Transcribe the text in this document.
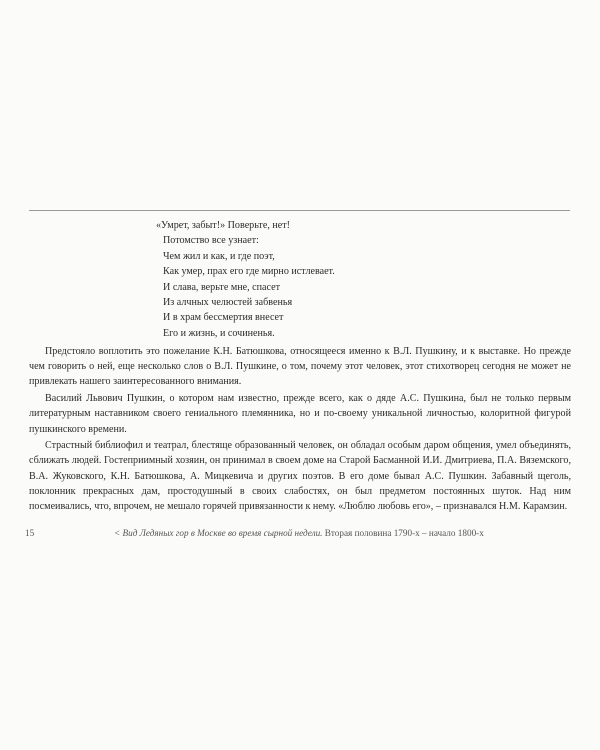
«Умрет, забыт!» Поверьте, нет!
Потомство все узнает:
Чем жил и как, и где поэт,
Как умер, прах его где мирно истлевает.
И слава, верьте мне, спасет
Из алчных челюстей забвенья
И в храм бессмертия внесет
Его и жизнь, и сочиненья.

Предстояло воплотить это пожелание К.Н. Батюшкова, относящееся именно к В.Л. Пушкину, и к выставке. Но прежде чем говорить о ней, еще несколько слов о В.Л. Пушкине, о том, почему этот человек, этот стихотворец сегодня не может не привлекать нашего заинтересованного внимания.

Василий Львович Пушкин, о котором нам известно, прежде всего, как о дяде А.С. Пушкина, был не только первым литературным наставником своего гениального племянника, но и по-своему уникальной личностью, колоритной фигурой пушкинского времени.

Страстный библиофил и театрал, блестяще образованный человек, он обладал особым даром общения, умел объединять, сближать людей. Гостеприимный хозяин, он принимал в своем доме на Старой Басманной И.И. Дмитриева, П.А. Вяземского, В.А. Жуковского, К.Н. Батюшкова, А. Мицкевича и других поэтов. В его доме бывал А.С. Пушкин. Забавный щеголь, поклонник прекрасных дам, простодушный в своих слабостях, он был предметом постоянных шуток. Над ним посмеивались, что, впрочем, не мешало горячей привязанности к нему. «Люблю любовь его», – признавался Н.М. Карамзин.

15	< Вид Ледяных гор в Москве во время сырной недели. Вторая половина 1790-х – начало 1800-х
